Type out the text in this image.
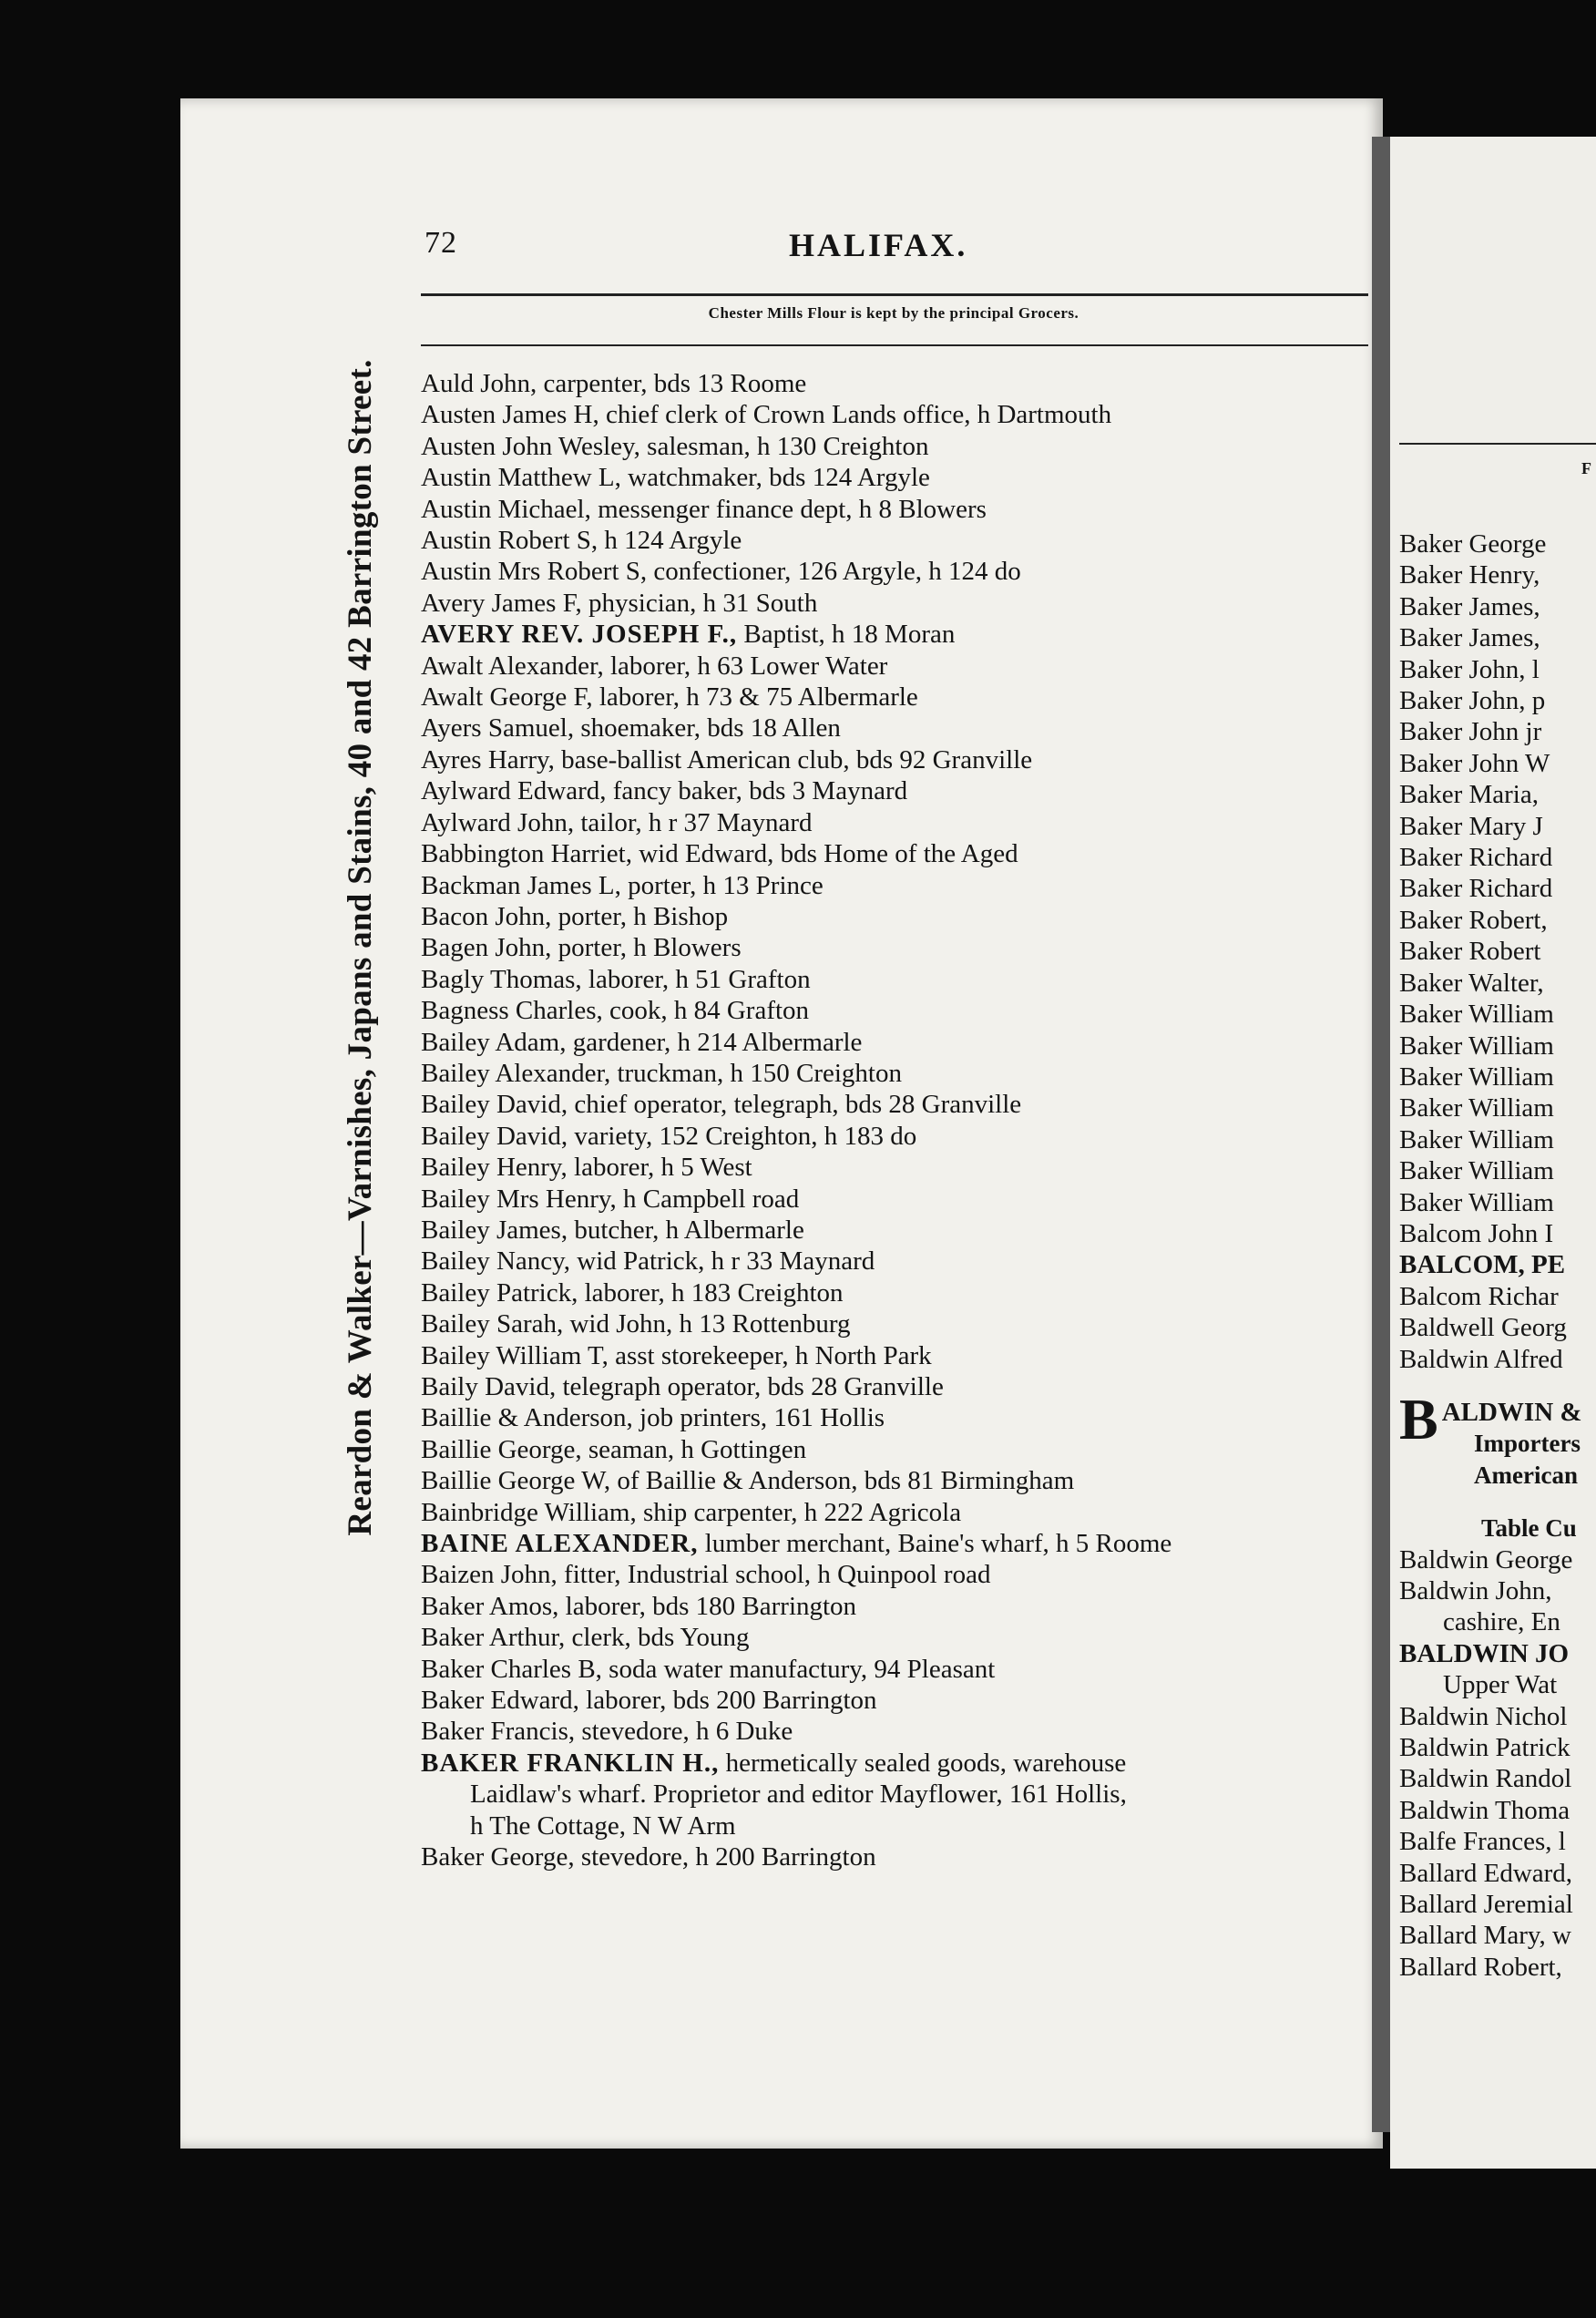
72	HALIFAX.
Chester Mills Flour is kept by the principal Grocers.
Reardon & Walker—Varnishes, Japans and Stains, 40 and 42 Barrington Street. Auld John, carpenter, bds 13 Roome
Austen James H, chief clerk of Crown Lands office, h Dartmouth
Austen John Wesley, salesman, h 130 Creighton
Austin Matthew L, watchmaker, bds 124 Argyle
Austin Michael, messenger finance dept, h 8 Blowers
Austin Robert S, h 124 Argyle
Austin Mrs Robert S, confectioner, 126 Argyle, h 124 do
Avery James F, physician, h 31 South
AVERY REV. JOSEPH F., Baptist, h 18 Moran
Awalt Alexander, laborer, h 63 Lower Water
Awalt George F, laborer, h 73 & 75 Albermarle
Ayers Samuel, shoemaker, bds 18 Allen
Ayres Harry, base-ballist American club, bds 92 Granville
Aylward Edward, fancy baker, bds 3 Maynard
Aylward John, tailor, h r 37 Maynard
Babbington Harriet, wid Edward, bds Home of the Aged
Backman James L, porter, h 13 Prince
Bacon John, porter, h Bishop
Bagen John, porter, h Blowers
Bagly Thomas, laborer, h 51 Grafton
Bagness Charles, cook, h 84 Grafton
Bailey Adam, gardener, h 214 Albermarle
Bailey Alexander, truckman, h 150 Creighton
Bailey David, chief operator, telegraph, bds 28 Granville
Bailey David, variety, 152 Creighton, h 183 do
Bailey Henry, laborer, h 5 West
Bailey Mrs Henry, h Campbell road
Bailey James, butcher, h Albermarle
Bailey Nancy, wid Patrick, h r 33 Maynard
Bailey Patrick, laborer, h 183 Creighton
Bailey Sarah, wid John, h 13 Rottenburg
Bailey William T, asst storekeeper, h North Park
Baily David, telegraph operator, bds 28 Granville
Baillie & Anderson, job printers, 161 Hollis
Baillie George, seaman, h Gottingen
Baillie George W, of Baillie & Anderson, bds 81 Birmingham
Bainbridge William, ship carpenter, h 222 Agricola
BAINE ALEXANDER, lumber merchant, Baine's wharf, h 5 Roome
Baizen John, fitter, Industrial school, h Quinpool road
Baker Amos, laborer, bds 180 Barrington
Baker Arthur, clerk, bds Young
Baker Charles B, soda water manufactury, 94 Pleasant
Baker Edward, laborer, bds 200 Barrington
Baker Francis, stevedore, h 6 Duke
BAKER FRANKLIN H., hermetically sealed goods, warehouse
Laidlaw's wharf. Proprietor and editor Mayflower, 161 Hollis,
h The Cottage, N W Arm
Baker George, stevedore, h 200 Barrington
F
Baker George
Baker Henry,
Baker James,
Baker James,
Baker John, l
Baker John, p
Baker John jr
Baker John W
Baker Maria,
Baker Mary J
Baker Richard
Baker Richard
Baker Robert,
Baker Robert
Baker Walter,
Baker William
Baker William
Baker William
Baker William
Baker William
Baker William
Baker William
Balcom John I
BALCOM, PE
Balcom Richar
Baldwell Georg
Baldwin Alfred
BALDWIN &
Importers
American
Table Cu
Baldwin George
Baldwin John,
cashire, En
BALDWIN JO
Upper Wat
Baldwin Nichol
Baldwin Patrick
Baldwin Randol
Baldwin Thoma
Balfe Frances, l
Ballard Edward,
Ballard Jeremial
Ballard Mary, w
Ballard Robert,
